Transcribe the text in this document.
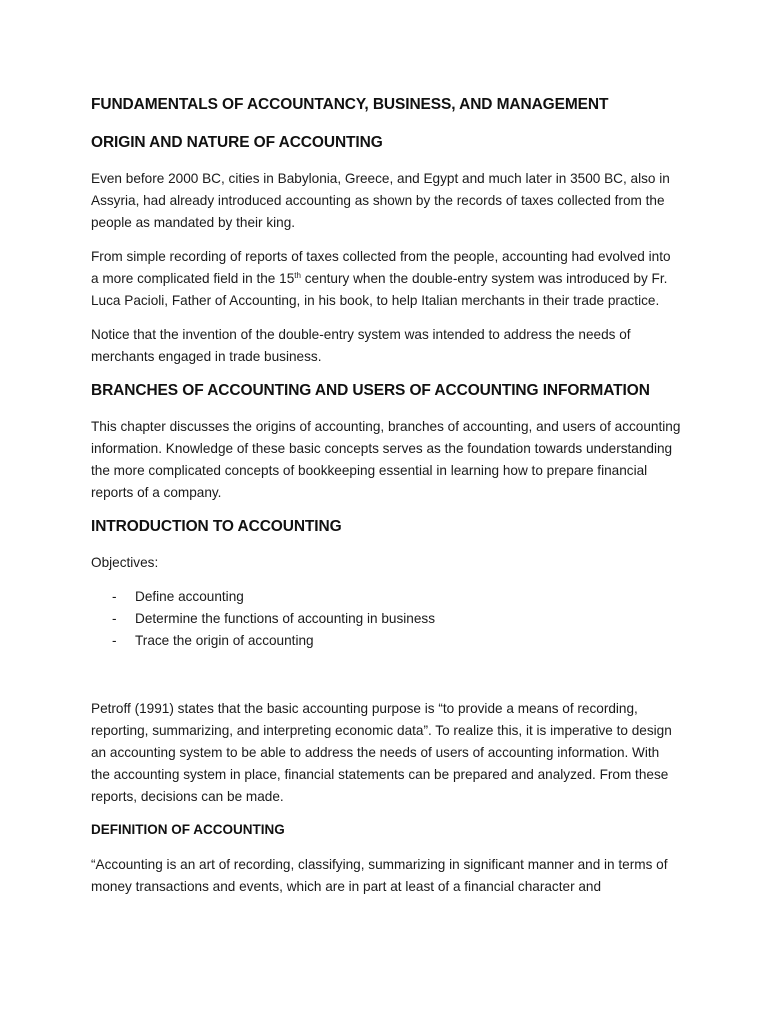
FUNDAMENTALS OF ACCOUNTANCY, BUSINESS, AND MANAGEMENT
ORIGIN AND NATURE OF ACCOUNTING

Even before 2000 BC, cities in Babylonia, Greece, and Egypt and much later in 3500 BC, also in Assyria, had already introduced accounting as shown by the records of taxes collected from the people as mandated by their king.

From simple recording of reports of taxes collected from the people, accounting had evolved into a more complicated field in the 15th century when the double-entry system was introduced by Fr. Luca Pacioli, Father of Accounting, in his book, to help Italian merchants in their trade practice.

Notice that the invention of the double-entry system was intended to address the needs of merchants engaged in trade business.

BRANCHES OF ACCOUNTING AND USERS OF ACCOUNTING INFORMATION

This chapter discusses the origins of accounting, branches of accounting, and users of accounting information. Knowledge of these basic concepts serves as the foundation towards understanding the more complicated concepts of bookkeeping essential in learning how to prepare financial reports of a company.

INTRODUCTION TO ACCOUNTING

Objectives:

- Define accounting
- Determine the functions of accounting in business
- Trace the origin of accounting

Petroff (1991) states that the basic accounting purpose is “to provide a means of recording, reporting, summarizing, and interpreting economic data”. To realize this, it is imperative to design an accounting system to be able to address the needs of users of accounting information. With the accounting system in place, financial statements can be prepared and analyzed. From these reports, decisions can be made.

DEFINITION OF ACCOUNTING

“Accounting is an art of recording, classifying, summarizing in significant manner and in terms of money transactions and events, which are in part at least of a financial character and
